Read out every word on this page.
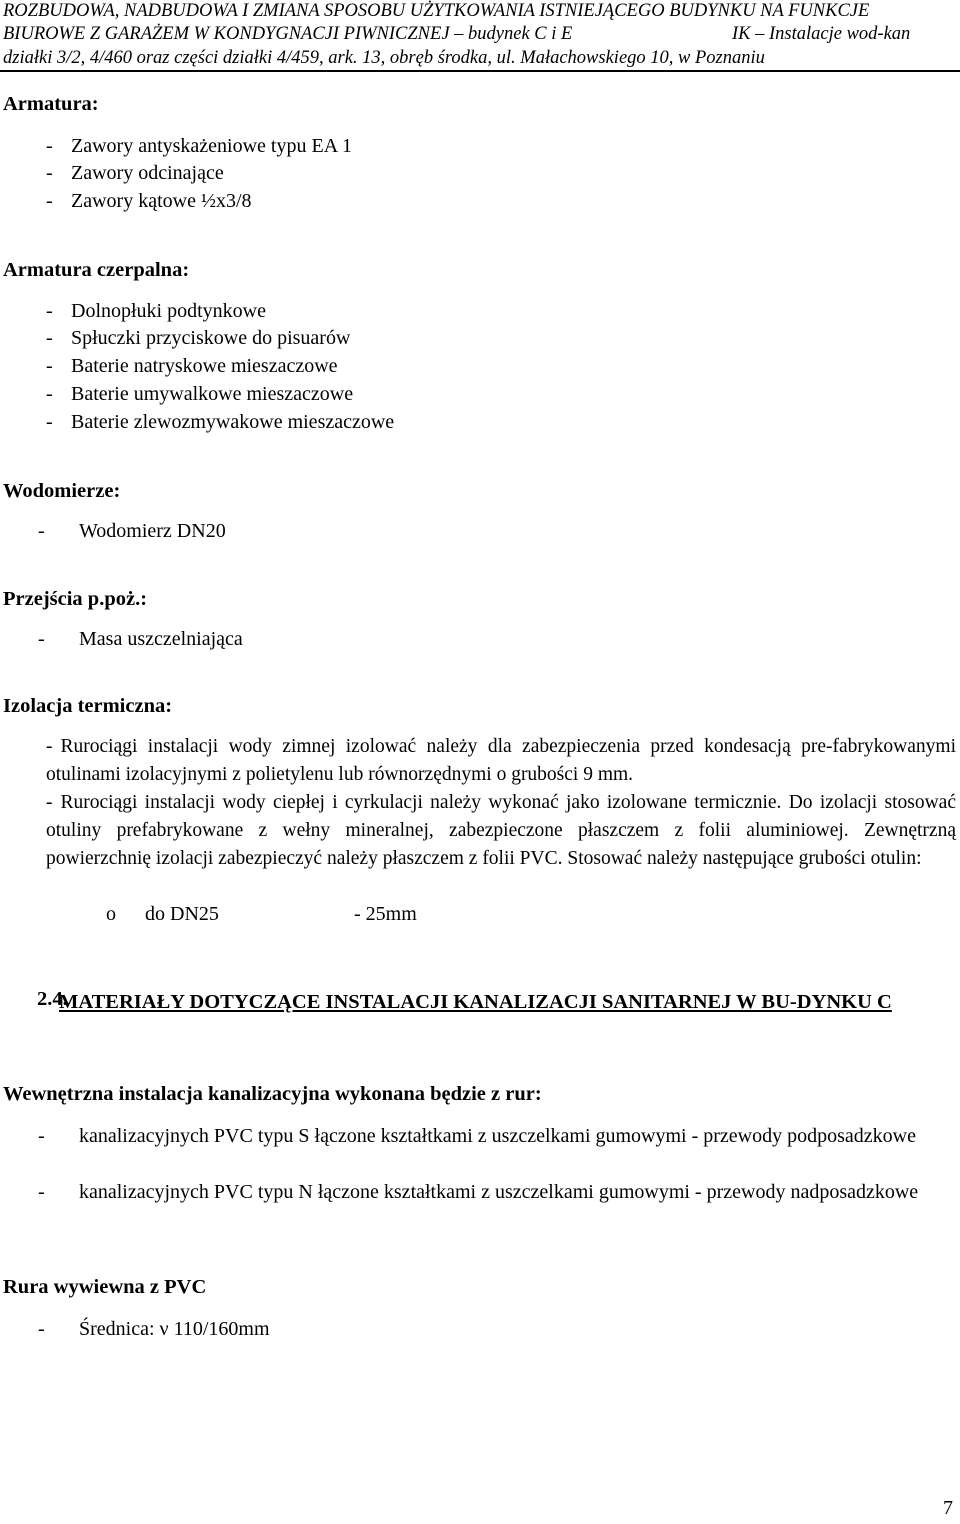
ROZBUDOWA, NADBUDOWA I ZMIANA SPOSOBU UŻYTKOWANIA ISTNIEJĄCEGO BUDYNKU NA FUNKCJE
BIUROWE Z GARAŻEM W KONDYGNACJI PIWNICZNEJ – budynek C i E	IK – Instalacje wod-kan
działki 3/2, 4/460 oraz części działki 4/459, ark. 13, obręb środka, ul. Małachowskiego 10, w Poznaniu
Armatura:
- Zawory antyskażeniowe typu EA 1
- Zawory odcinające
- Zawory kątowe ½x3/8
Armatura czerpalna:
- Dolnopłuki podtynkowe
- Spłuczki przyciskowe do pisuarów
- Baterie natryskowe mieszaczowe
- Baterie umywalkowe mieszaczowe
- Baterie zlewozmywakowe mieszaczowe
Wodomierze:
- Wodomierz DN20
Przejścia p.poż.:
- Masa uszczelniająca
Izolacja termiczna:
- Rurociągi instalacji wody zimnej izolować należy dla zabezpieczenia przed kondesacją pre-fabrykowanymi otulinami izolacyjnymi z polietylenu lub równorzędnymi o grubości 9 mm.
- Rurociągi instalacji wody ciepłej i cyrkulacji należy wykonać jako izolowane termicznie. Do izolacji stosować otuliny prefabrykowane z wełny mineralnej, zabezpieczone płaszczem z folii aluminiowej. Zewnętrzną powierzchnię izolacji zabezpieczyć należy płaszczem z folii PVC. Stosować należy następujące grubości otulin:
o do DN25	- 25mm
2.4.
MATERIAŁY DOTYCZĄCE INSTALACJI KANALIZACJI SANITARNEJ W BU-DYNKU C
Wewnętrzna instalacja kanalizacyjna wykonana będzie z rur:
- kanalizacyjnych PVC typu S łączone kształtkami z uszczelkami gumowymi - przewody podposadzkowe
- kanalizacyjnych PVC typu N łączone kształtkami z uszczelkami gumowymi - przewody nadposadzkowe
Rura wywiewna z PVC
- Średnica: ν 110/160mm
7
